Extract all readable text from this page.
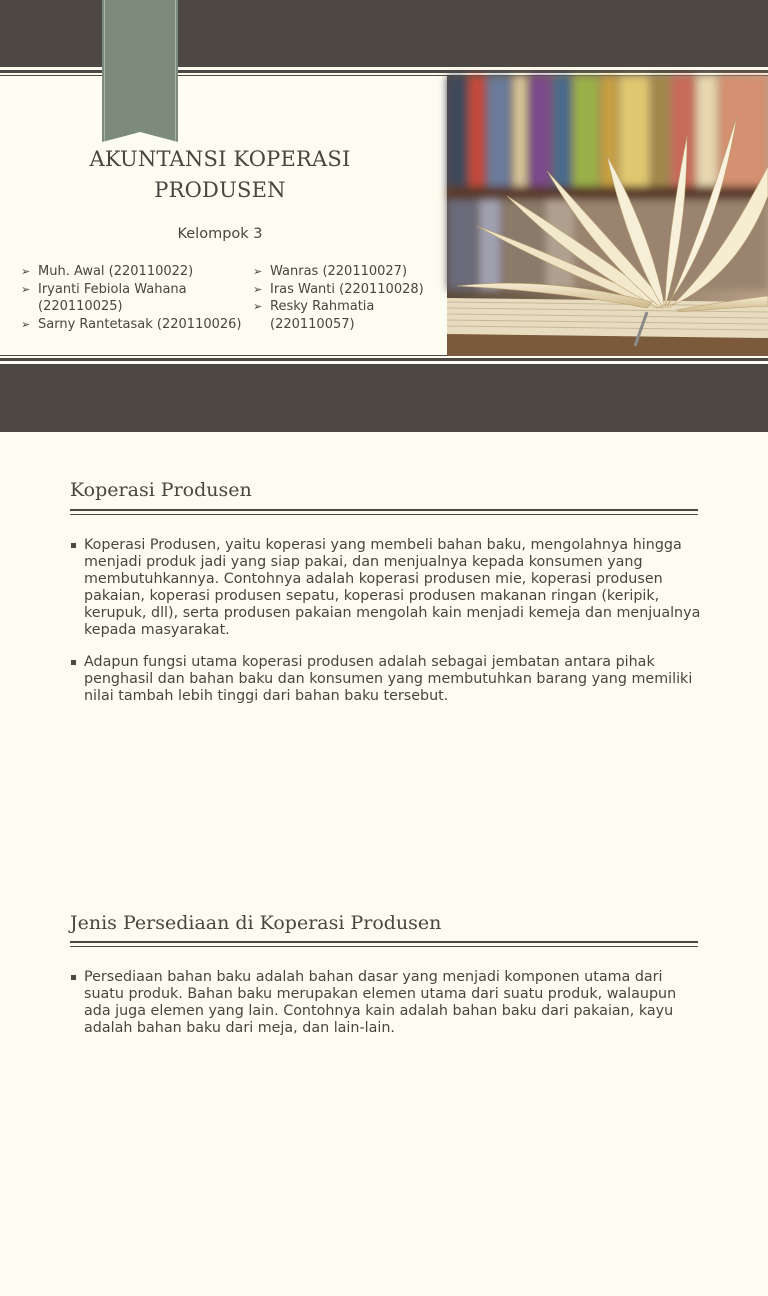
AKUNTANSI KOPERASI PRODUSEN
Kelompok 3
➢ Muh. Awal (220110022)
➢ Iryanti Febiola Wahana (220110025)
➢ Sarny Rantetasak (220110026)
➢ Wanras (220110027)
➢ Iras Wanti (220110028)
➢ Resky Rahmatia (220110057)
Koperasi Produsen
Koperasi Produsen, yaitu koperasi yang membeli bahan baku, mengolahnya hingga menjadi produk jadi yang siap pakai, dan menjualnya kepada konsumen yang membutuhkannya. Contohnya adalah koperasi produsen mie, koperasi produsen pakaian, koperasi produsen sepatu, koperasi produsen makanan ringan (keripik, kerupuk, dll), serta produsen pakaian mengolah kain menjadi kemeja dan menjualnya kepada masyarakat.
Adapun fungsi utama koperasi produsen adalah sebagai jembatan antara pihak penghasil dan bahan baku dan konsumen yang membutuhkan barang yang memiliki nilai tambah lebih tinggi dari bahan baku tersebut.
Jenis Persediaan di Koperasi Produsen
Persediaan bahan baku adalah bahan dasar yang menjadi komponen utama dari suatu produk. Bahan baku merupakan elemen utama dari suatu produk, walaupun ada juga elemen yang lain. Contohnya kain adalah bahan baku dari pakaian, kayu adalah bahan baku dari meja, dan lain-lain.
